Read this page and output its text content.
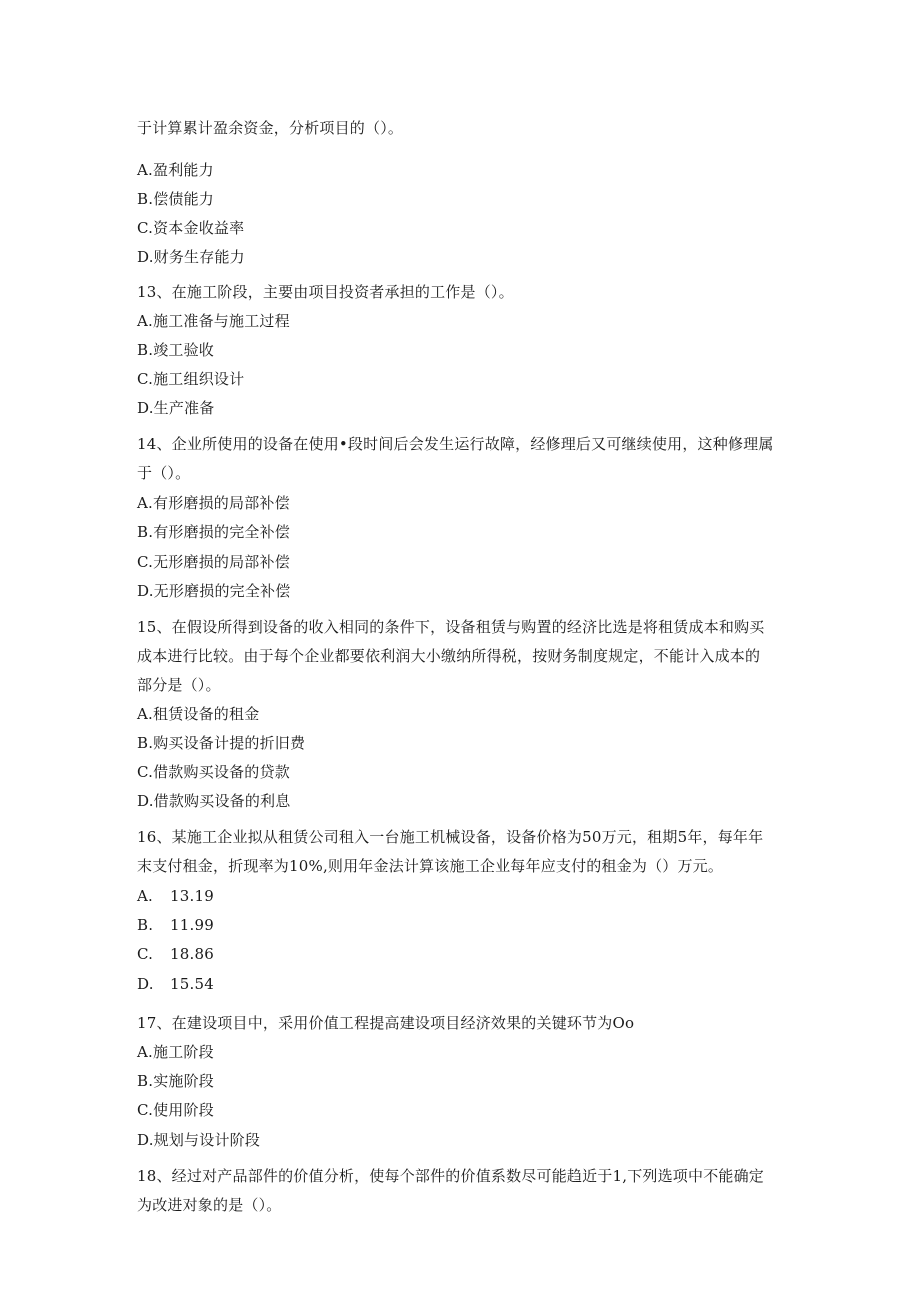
于计算累计盈余资金，分析项目的（）。

A.盈利能力

B.偿债能力

C.资本金收益率

D.财务生存能力

13、在施工阶段，主要由项目投资者承担的工作是（）。

A.施工准备与施工过程

B.竣工验收

C.施工组织设计

D.生产准备

14、企业所使用的设备在使用•段时间后会发生运行故障，经修理后又可继续使用，这种修理属

于（）。

A.有形磨损的局部补偿

B.有形磨损的完全补偿

C.无形磨损的局部补偿

D.无形磨损的完全补偿

15、在假设所得到设备的收入相同的条件下，设备租赁与购置的经济比选是将租赁成本和购买

成本进行比较。由于每个企业都要依利润大小缴纳所得税，按财务制度规定，不能计入成本的

部分是（）。

A.租赁设备的租金

B.购买设备计提的折旧费

C.借款购买设备的贷款

D.借款购买设备的利息

16、某施工企业拟从租赁公司租入一台施工机械设备，设备价格为50万元，租期5年，每年年

末支付租金，折现率为10%,则用年金法计算该施工企业每年应支付的租金为（）万元。

A. 13.19

B. 11.99

C. 18.86

D. 15.54

17、在建设项目中，采用价值工程提高建设项目经济效果的关键环节为Oo

A.施工阶段

B.实施阶段

C.使用阶段

D.规划与设计阶段

18、经过对产品部件的价值分析，使每个部件的价值系数尽可能趋近于1,下列选项中不能确定

为改进对象的是（）。
